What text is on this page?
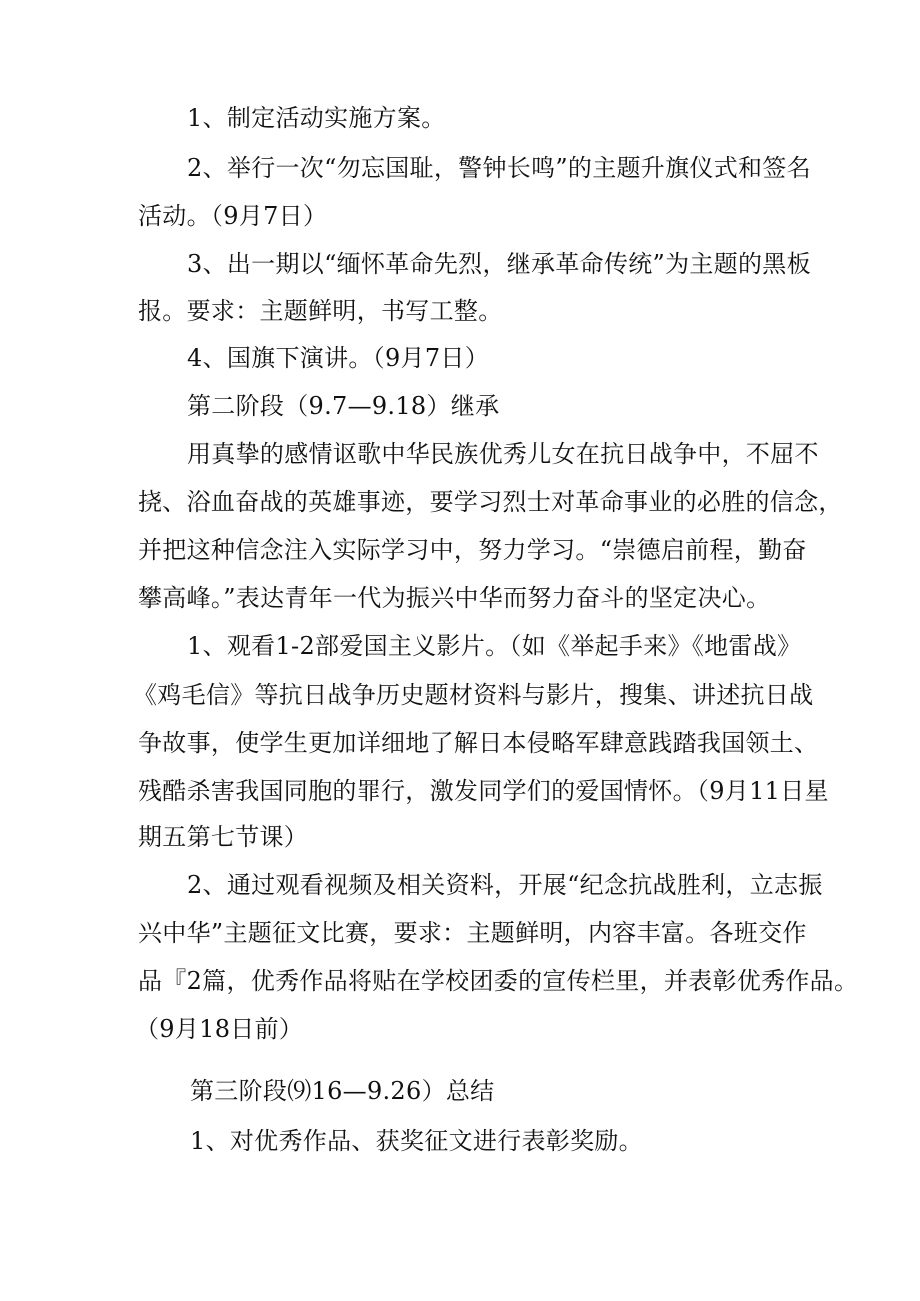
1、制定活动实施方案。
2、举行一次“勿忘国耻，警钟长鸣”的主题升旗仪式和签名
活动。（9月7日）
3、出一期以“缅怀革命先烈，继承革命传统”为主题的黑板
报。要求：主题鲜明，书写工整。
4、国旗下演讲。（9月7日）
第二阶段（9.7—9.18）继承
用真挚的感情讴歌中华民族优秀儿女在抗日战争中，不屈不
挠、浴血奋战的英雄事迹，要学习烈士对革命事业的必胜的信念，
并把这种信念注入实际学习中，努力学习。“崇德启前程，勤奋
攀高峰。”表达青年一代为振兴中华而努力奋斗的坚定决心。
1、观看1-2部爱国主义影片。（如《举起手来》《地雷战》
《鸡毛信》等抗日战争历史题材资料与影片，搜集、讲述抗日战
争故事，使学生更加详细地了解日本侵略军肆意践踏我国领土、
残酷杀害我国同胞的罪行，激发同学们的爱国情怀。（9月11日星
期五第七节课）
2、通过观看视频及相关资料，开展“纪念抗战胜利，立志振
兴中华”主题征文比赛，要求：主题鲜明，内容丰富。各班交作
品『2篇，优秀作品将贴在学校团委的宣传栏里，并表彰优秀作品。
（9月18日前）
第三阶段⑼16—9.26）总结
1、对优秀作品、获奖征文进行表彰奖励。
